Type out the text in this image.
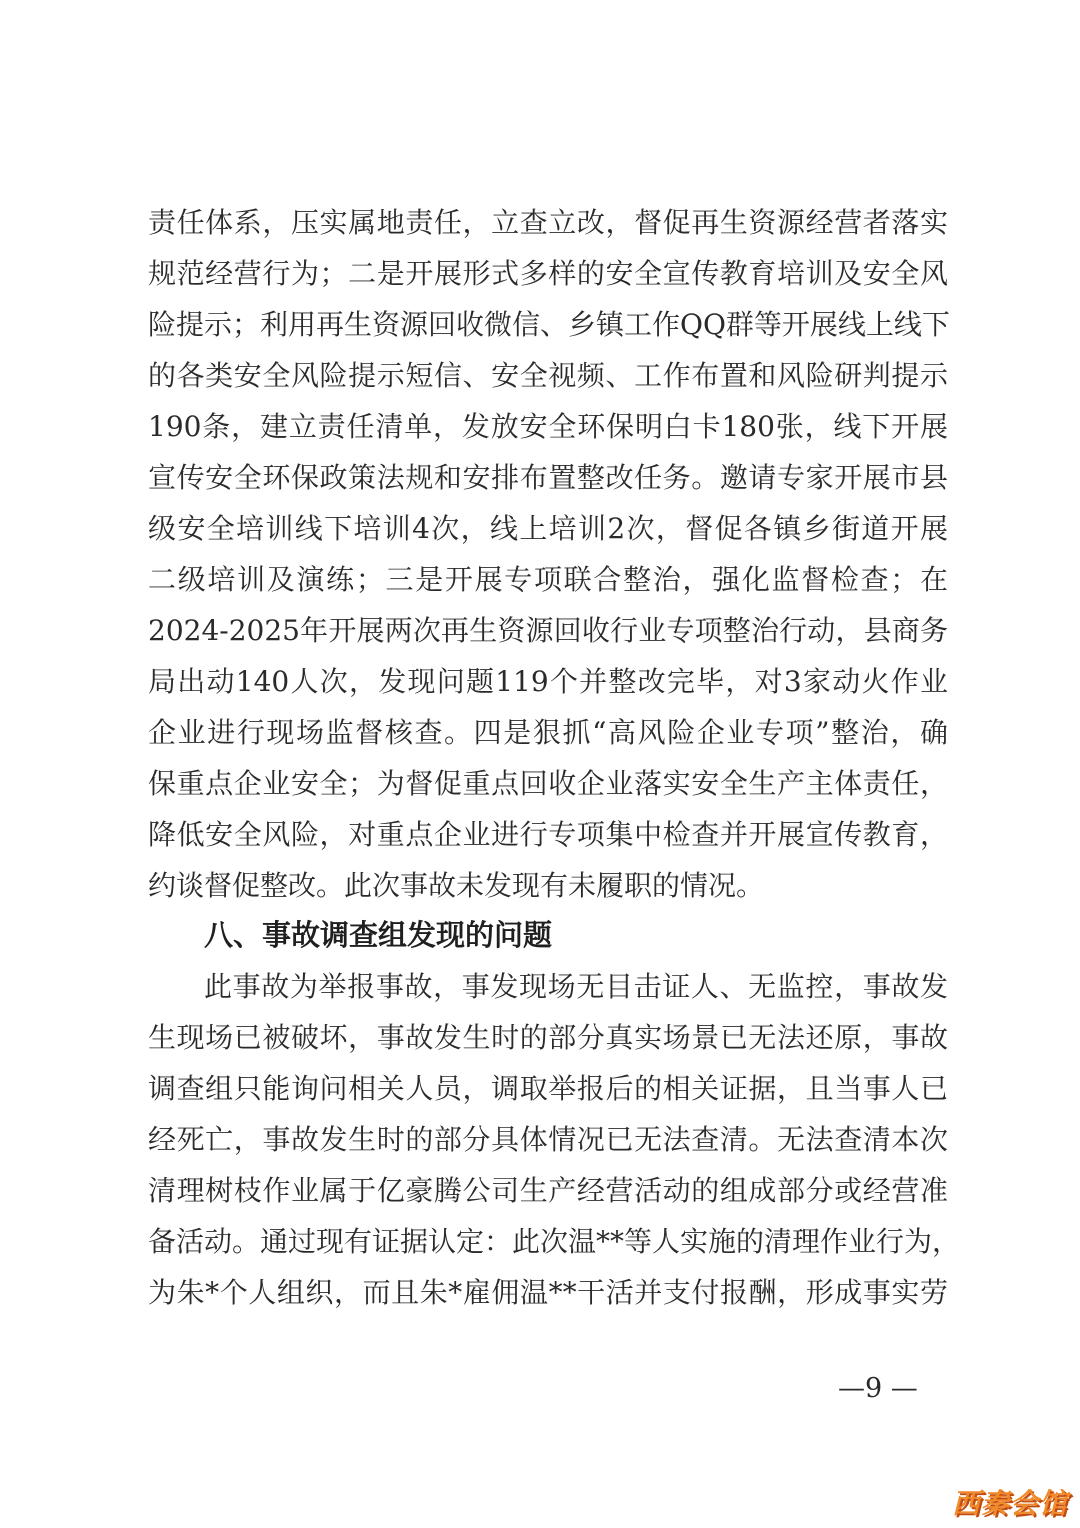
责任体系，压实属地责任，立查立改，督促再生资源经营者落实
规范经营行为；二是开展形式多样的安全宣传教育培训及安全风
险提示；利用再生资源回收微信、乡镇工作QQ群等开展线上线下
的各类安全风险提示短信、安全视频、工作布置和风险研判提示
190条，建立责任清单，发放安全环保明白卡180张，线下开展
宣传安全环保政策法规和安排布置整改任务。邀请专家开展市县
级安全培训线下培训4次，线上培训2次，督促各镇乡街道开展
二级培训及演练；三是开展专项联合整治，强化监督检查；在
2024-2025年开展两次再生资源回收行业专项整治行动，县商务
局出动140人次，发现问题119个并整改完毕，对3家动火作业
企业进行现场监督核查。四是狠抓“高风险企业专项”整治，确
保重点企业安全；为督促重点回收企业落实安全生产主体责任，
降低安全风险，对重点企业进行专项集中检查并开展宣传教育，
约谈督促整改。此次事故未发现有未履职的情况。
八、事故调查组发现的问题
此事故为举报事故，事发现场无目击证人、无监控，事故发
生现场已被破坏，事故发生时的部分真实场景已无法还原，事故
调查组只能询问相关人员，调取举报后的相关证据，且当事人已
经死亡，事故发生时的部分具体情况已无法查清。无法查清本次
清理树枝作业属于亿豪腾公司生产经营活动的组成部分或经营准
备活动。通过现有证据认定：此次温**等人实施的清理作业行为，
为朱*个人组织，而且朱*雇佣温**干活并支付报酬，形成事实劳
—9 —
西秦会馆
